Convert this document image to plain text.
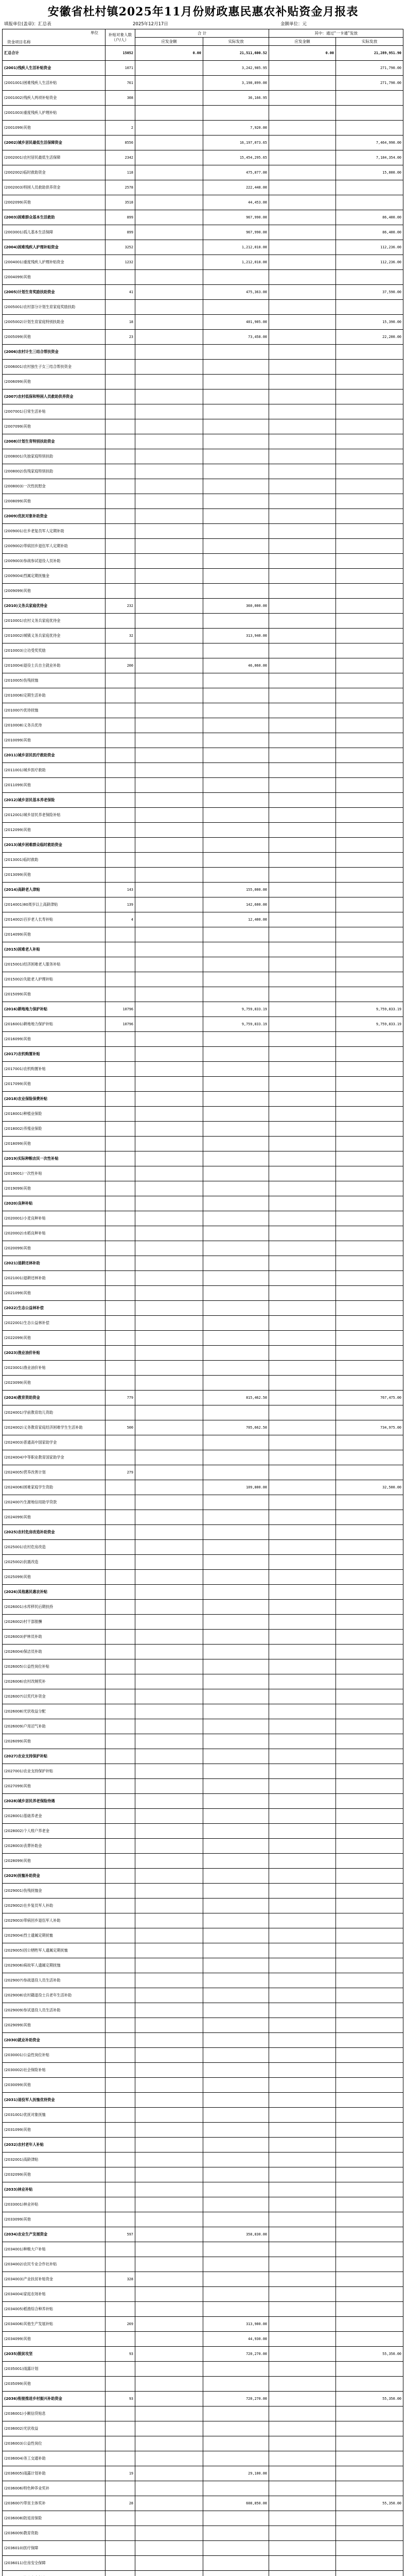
安徽省杜村镇2025年11月份财政惠民惠农补贴资金月报表
填报单位(盖章)：汇总表	2025年12月17日	金额单位：元
单位
资金项目名称	补贴对象人数（户/人）	合 计		其中：通过“一卡通”发放	
		应发金额	实际发放	应发金额	实际发放

汇总合计	15052	0.00	21,511,600.52	0.00	21,289,951.90
(2001)残疾人生活补贴资金	1071		3,242,985.95		271,790.00
(2001001)困难残疾人生活补贴	761		3,198,899.00		271,790.00
(2001002)残疾人两项补贴资金	308		36,166.95		
(2001003)重度残疾人护理补贴					
(2001099)其他	2		7,920.00		
(2002)城乡居民最低生活保障资金	8556		16,197,073.65		7,464,990.00
(2002001)农村居民最低生活保障	2342		15,454,295.65		7,184,354.00
(2002002)临时救助资金	118		475,877.00		15,000.00
(2002003)特困人员救助供养资金	2578		222,448.00		
(2002099)其他	3518		44,453.00		
(2003)困难群众基本生活救助	899		967,990.00		86,400.00
(2003001)孤儿基本生活保障	899		967,990.00		86,400.00
(2004)困难残疾人护理补贴资金	3252		1,212,018.00		112,236.00
(2004001)重度残疾人护理补贴资金	1232		1,212,018.00		112,236.00
(2004099)其他					
(2005)计划生育奖励扶助资金	41		475,363.00		37,590.00
(2005001)农村部分计划生育家庭奖励扶助					
(2005002)计划生育家庭特别扶助金	18		401,905.00		15,390.00
(2005099)其他	23		73,458.00		22,200.00
(2006)农村计生三结合帮扶资金					
(2006001)农村独生子女三结合帮扶资金					
(2006099)其他					
(2007)农村低保和特困人员救助供养资金					
(2007001)日常生活补贴					
(2007099)其他					
(2008)计划生育特别扶助资金					
(2008001)失独家庭特别扶助					
(2008002)伤残家庭特别扶助					
(2008003)一次性抚慰金					
(2008099)其他					
(2009)优抚对象补助资金					
(2009001)在乡老复员军人定期补助					
(2009002)带病回乡退伍军人定期补助					
(2009003)参战参试退役人员补助					
(2009004)烈属定期抚恤金					
(2009099)其他					
(2010)义务兵家庭优待金	232		360,000.00		
(2010001)农村义务兵家庭优待金					
(2010002)城镇义务兵家庭优待金	32		313,940.00		
(2010003)立功受奖奖励					
(2010004)退役士兵自主就业补助	200		46,060.00		
(2010005)伤残抚恤					
(2010006)定期生活补助					
(2010007)优待抚恤					
(2010008)义务兵优待					
(2010099)其他					
(2011)城乡居民医疗救助资金					
(2011001)城乡医疗救助					
(2011099)其他					
(2012)城乡居民基本养老保险					
(2012001)城乡居民养老保险补贴					
(2012099)其他					
(2013)城乡困难群众临时救助资金					
(2013001)临时救助					
(2013099)其他					
(2014)高龄老人津贴	143		155,000.00		
(2014001)80周岁以上高龄津贴	139		142,600.00		
(2014002)百岁老人长寿补贴	4		12,400.00		
(2014099)其他					
(2015)困难老人补贴					
(2015001)经济困难老人服务补贴					
(2015002)失能老人护理补贴					
(2015099)其他					
(2016)耕地地力保护补贴	10796		9,759,833.19		9,759,833.19
(2016001)耕地地力保护补贴	10796		9,759,833.19		9,759,833.19
(2016099)其他					
(2017)农机购置补贴					
(2017001)农机购置补贴					
(2017099)其他					
(2018)农业保险保费补贴					
(2018001)种植业保险					
(2018002)养殖业保险					
(2018099)其他					
(2019)实际种粮农民一次性补贴					
(2019001)一次性补贴					
(2019099)其他					
(2020)良种补贴					
(2020001)小麦良种补贴					
(2020002)水稻良种补贴					
(2020099)其他					
(2021)退耕还林补助					
(2021001)退耕还林补助					
(2021099)其他					
(2022)生态公益林补偿					
(2022001)生态公益林补偿					
(2022099)其他					
(2023)渔业油价补贴					
(2023001)渔业油价补贴					
(2023099)其他					
(2024)教育资助资金	779		815,462.50		767,475.00
(2024001)学前教育幼儿资助					
(2024002)义务教育家庭经济困难学生生活补助	500		705,662.50		734,975.00
(2024003)普通高中国家助学金					
(2024004)中等职业教育国家助学金					
(2024005)营养改善计划	279				
(2024006)困难家庭学生资助			109,800.00		32,500.00
(2024007)生源地信用助学贷款					
(2024099)其他					
(2025)农村危房改造补助资金					
(2025001)农村危房改造					
(2025002)抗震改造					
(2025099)其他					
(2026)其他惠民惠农补贴					
(2026001)水库移民后期扶持					
(2026002)村干部报酬					
(2026003)护林员补助					
(2026004)保洁员补助					
(2026005)公益性岗位补贴					
(2026006)农村改厕奖补					
(2026007)以奖代补资金					
(2026008)光伏收益分配					
(2026009)户用沼气补助					
(2026099)其他					
(2027)农业支持保护补贴					
(2027001)农业支持保护补贴					
(2027099)其他					
(2028)城乡居民养老保险待遇					
(2028001)基础养老金					
(2028002)个人账户养老金					
(2028003)丧葬补助金					
(2028099)其他					
(2029)抚恤补助资金					
(2029001)伤残抚恤金					
(2029002)在乡复员军人补助					
(2029003)带病回乡退伍军人补助					
(2029004)烈士遗属定期抚恤					
(2029005)因公牺牲军人遗属定期抚恤					
(2029006)病故军人遗属定期抚恤					
(2029007)参战退役人员生活补助					
(2029008)农村籍退役士兵老年生活补助					
(2029009)参试退役人员生活补助					
(2029099)其他					
(2030)就业补助资金					
(2030001)公益性岗位补贴					
(2030002)社会保险补贴					
(2030099)其他					
(2031)退役军人抚恤优待资金					
(2031001)优抚对象抚恤					
(2031099)其他					
(2032)农村老年人补贴					
(2032001)高龄津贴					
(2032099)其他					
(2033)林业补贴					
(2033001)林业补贴					
(2033099)其他					
(2034)农业生产发展资金	597		358,830.00		
(2034001)种粮大户补贴					
(2034002)农民专业合作社补贴					
(2034003)产业扶贫补贴资金	328				
(2034004)家庭农场补贴					
(2034005)稻渔综合种养补贴					
(2034006)其他生产发展补贴	269		313,900.00		
(2034099)其他			44,930.00		
(2035)脱贫攻坚	93		720,270.00		55,350.00
(2035001)雨露计划					
(2035099)其他					
(2036)衔接推进乡村振兴补助资金	93		720,270.00		55,350.00
(2036001)小额信贷贴息					
(2036002)光伏收益					
(2036003)公益性岗位					
(2036004)务工交通补助					
(2036005)雨露计划补助	19		29,100.00		
(2036006)特色种养业奖补					
(2036007)带贫主体奖补	28		608,850.00		55,350.00
(2036008)防返贫保险					
(2036009)教育资助					
(2036010)医疗保障					
(2036011)住房安全保障					
